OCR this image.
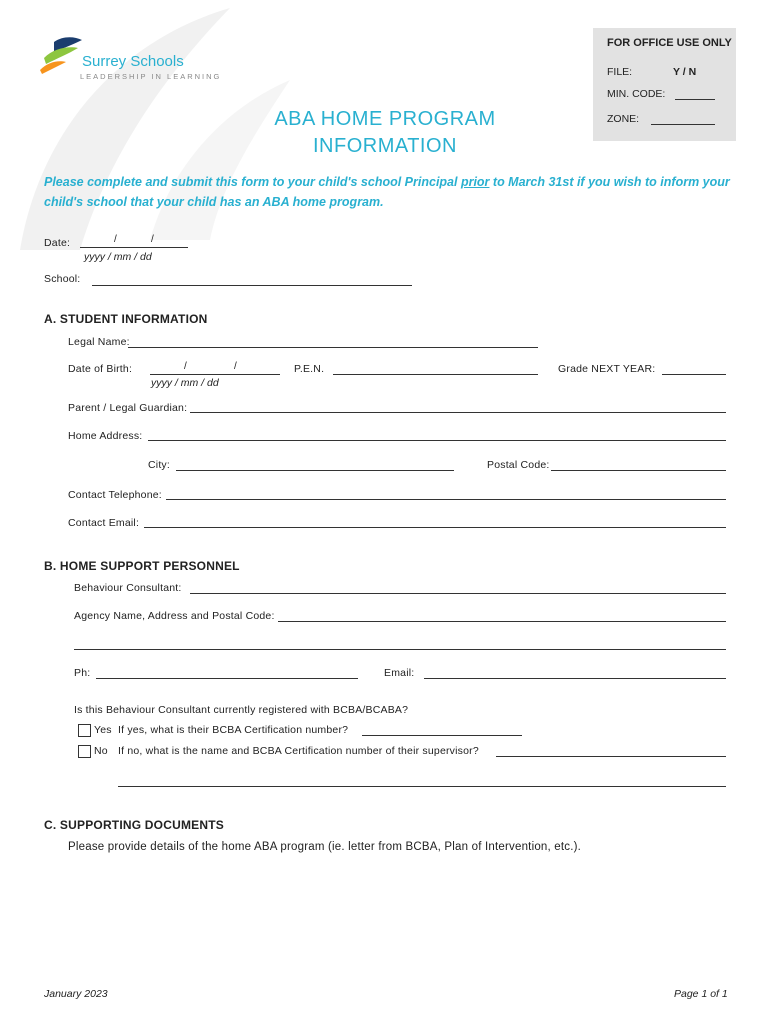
Surrey Schools
LEADERSHIP IN LEARNING
FOR OFFICE USE ONLY
FILE:	Y / N
MIN. CODE:
ZONE:
ABA HOME PROGRAM
INFORMATION
Please complete and submit this form to your child's school Principal prior to March 31st if you wish to inform your child's school that your child has an ABA home program.
Date:	/	/
yyyy / mm / dd
School:
A. STUDENT INFORMATION
Legal Name:
Date of Birth:	/	/
yyyy / mm / dd
P.E.N.	Grade NEXT YEAR:
Parent / Legal Guardian:
Home Address:
City:	Postal Code:
Contact Telephone:
Contact Email:
B. HOME SUPPORT PERSONNEL
Behaviour Consultant:
Agency Name, Address and Postal Code:
Ph:	Email:
Is this Behaviour Consultant currently registered with BCBA/BCABA?
Yes If yes, what is their BCBA Certification number?
No If no, what is the name and BCBA Certification number of their supervisor?
C. SUPPORTING DOCUMENTS
Please provide details of the home ABA program (ie. letter from BCBA, Plan of Intervention, etc.).
January 2023	Page 1 of 1
